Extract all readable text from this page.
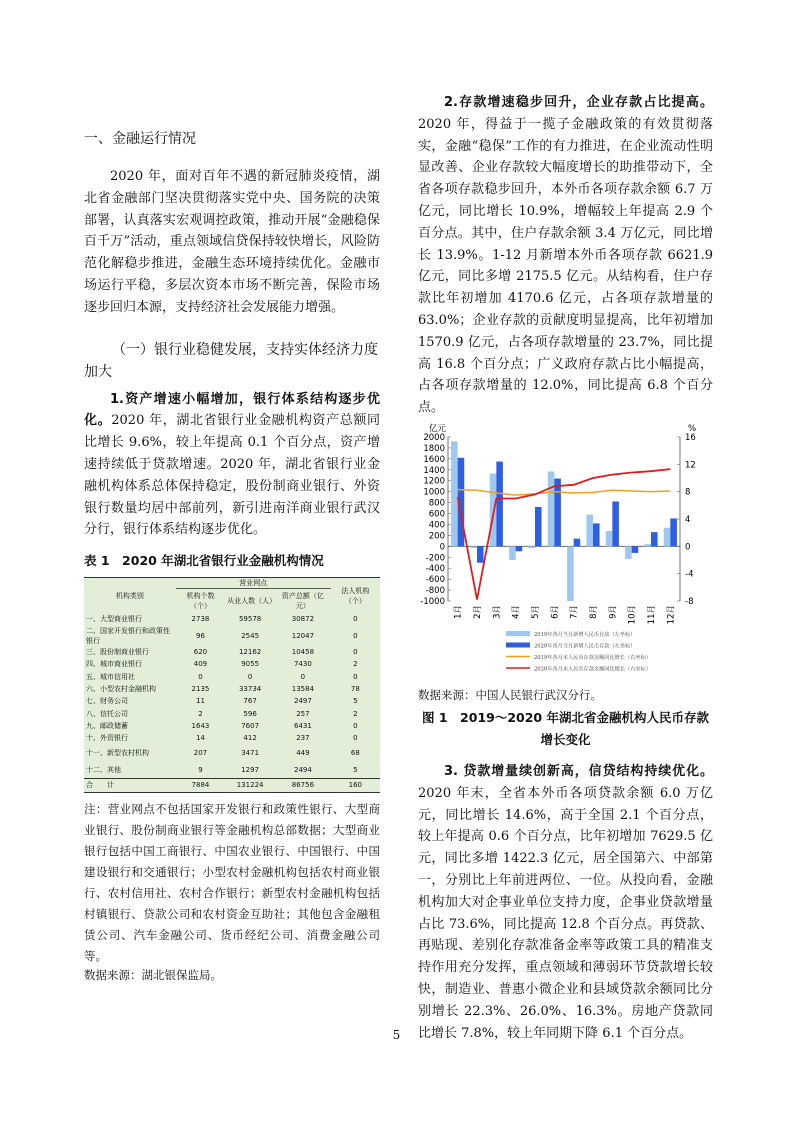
一、金融运行情况

2020 年，面对百年不遇的新冠肺炎疫情，湖北省金融部门坚决贯彻落实党中央、国务院的决策部署，认真落实宏观调控政策，推动开展“金融稳保百千万”活动，重点领域信贷保持较快增长，风险防范化解稳步推进，金融生态环境持续优化。金融市场运行平稳，多层次资本市场不断完善，保险市场逐步回归本源，支持经济社会发展能力增强。

（一）银行业稳健发展，支持实体经济力度加大

1.资产增速小幅增加，银行体系结构逐步优化。2020 年，湖北省银行业金融机构资产总额同比增长 9.6%，较上年提高 0.1 个百分点，资产增速持续低于贷款增速。2020 年，湖北省银行业金融机构体系总体保持稳定，股份制商业银行、外资银行数量均居中部前列，新引进南洋商业银行武汉分行，银行体系结构逐步优化。

表 1　2020 年湖北省银行业金融机构情况
机构类别	营业网点			法人机构（个）
	机构个数（个）	从业人数（人）	资产总额（亿元）	
一、大型商业银行	2738	59578	30872	0
二、国家开发银行和政策性银行	96	2545	12047	0
三、股份制商业银行	620	12162	10458	0
四、城市商业银行	409	9055	7430	2
五、城市信用社	0	0	0	0
六、小型农村金融机构	2135	33734	13584	78
七、财务公司	11	767	2497	5
八、信托公司	2	596	257	2
九、邮政储蓄	1643	7607	6431	0
十、外资银行	14	412	237	0
十一、新型农村机构	207	3471	449	68
十二、其他	9	1297	2494	5
合　　计	7884	131224	86756	160

注：营业网点不包括国家开发银行和政策性银行、大型商业银行、股份制商业银行等金融机构总部数据；大型商业银行包括中国工商银行、中国农业银行、中国银行、中国建设银行和交通银行；小型农村金融机构包括农村商业银行、农村信用社、农村合作银行；新型农村金融机构包括村镇银行、贷款公司和农村资金互助社；其他包含金融租赁公司、汽车金融公司、货币经纪公司、消费金融公司等。

数据来源：湖北银保监局。

2.存款增速稳步回升，企业存款占比提高。2020 年，得益于一揽子金融政策的有效贯彻落实，金融“稳保”工作的有力推进，在企业流动性明显改善、企业存款较大幅度增长的助推带动下，全省各项存款稳步回升，本外币各项存款余额 6.7 万亿元，同比增长 10.9%，增幅较上年提高 2.9 个百分点。其中，住户存款余额 3.4 万亿元，同比增长 13.9%。1-12 月新增本外币各项存款 6621.9 亿元，同比多增 2175.5 亿元。从结构看，住户存款比年初增加 4170.6 亿元，占各项存款增量的 63.0%；企业存款的贡献度明显提高，比年初增加 1570.9 亿元，占各项存款增量的 23.7%，同比提高 16.8 个百分点；广义政府存款占比小幅提高，占各项存款增量的 12.0%，同比提高 6.8 个百分点。

亿元	%
2000
1800
1600
1400
1200
1000
800
600
400
200
0
-200
-400
-600
-800
-1000
16
12
8
4
0
-4
-8
1月 2月 3月 4月 5月 6月 7月 8月 9月 10月 11月 12月
2019年各月当月新增人民币存款（左坐标）
2020年各月当月新增人民币存款（左坐标）
2019年各月末人民币存款余额同比增长（右坐标）
2020年各月末人民币存款余额同比增长（右坐标）

数据来源：中国人民银行武汉分行。

图 1　2019～2020 年湖北省金融机构人民币存款增长变化

3. 贷款增量续创新高，信贷结构持续优化。2020 年末，全省本外币各项贷款余额 6.0 万亿元，同比增长 14.6%，高于全国 2.1 个百分点，较上年提高 0.6 个百分点，比年初增加 7629.5 亿元，同比多增 1422.3 亿元，居全国第六、中部第一，分别比上年前进两位、一位。从投向看，金融机构加大对企事业单位支持力度，企事业贷款增量占比 73.6%，同比提高 12.8 个百分点。再贷款、再贴现、差别化存款准备金率等政策工具的精准支持作用充分发挥，重点领域和薄弱环节贷款增长较快，制造业、普惠小微企业和县域贷款余额同比分别增长 22.3%、26.0%、16.3%。房地产贷款同比增长 7.8%，较上年同期下降 6.1 个百分点。

5
